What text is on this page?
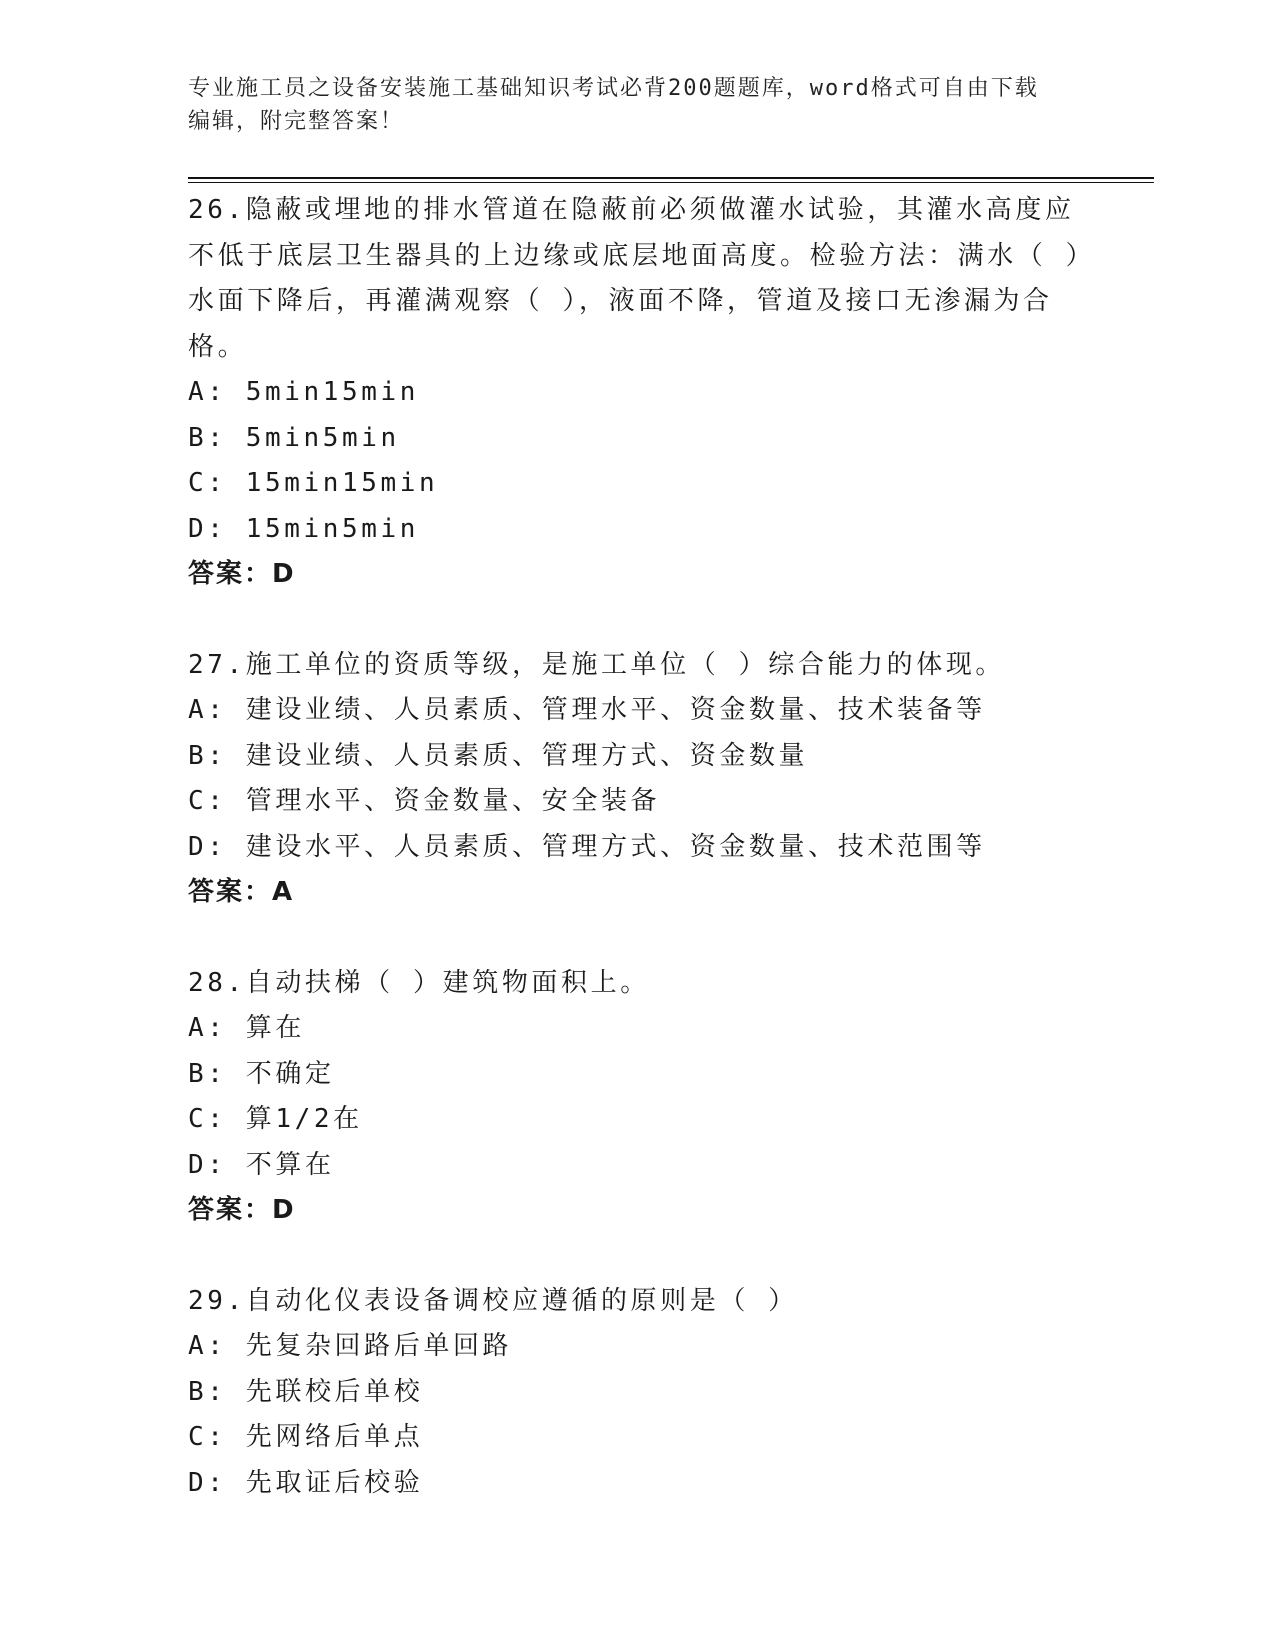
专业施工员之设备安装施工基础知识考试必背200题题库，word格式可自由下载
编辑，附完整答案！
26.隐蔽或埋地的排水管道在隐蔽前必须做灌水试验，其灌水高度应不低于底层卫生器具的上边缘或底层地面高度。检验方法：满水（ ）水面下降后，再灌满观察（ ），液面不降，管道及接口无渗漏为合格。
A: 5min15min
B: 5min5min
C: 15min15min
D: 15min5min
答案：D
27.施工单位的资质等级，是施工单位（ ）综合能力的体现。
A: 建设业绩、人员素质、管理水平、资金数量、技术装备等
B: 建设业绩、人员素质、管理方式、资金数量
C: 管理水平、资金数量、安全装备
D: 建设水平、人员素质、管理方式、资金数量、技术范围等
答案：A
28.自动扶梯（ ）建筑物面积上。
A: 算在
B: 不确定
C: 算1/2在
D: 不算在
答案：D
29.自动化仪表设备调校应遵循的原则是（ ）
A: 先复杂回路后单回路
B: 先联校后单校
C: 先网络后单点
D: 先取证后校验
